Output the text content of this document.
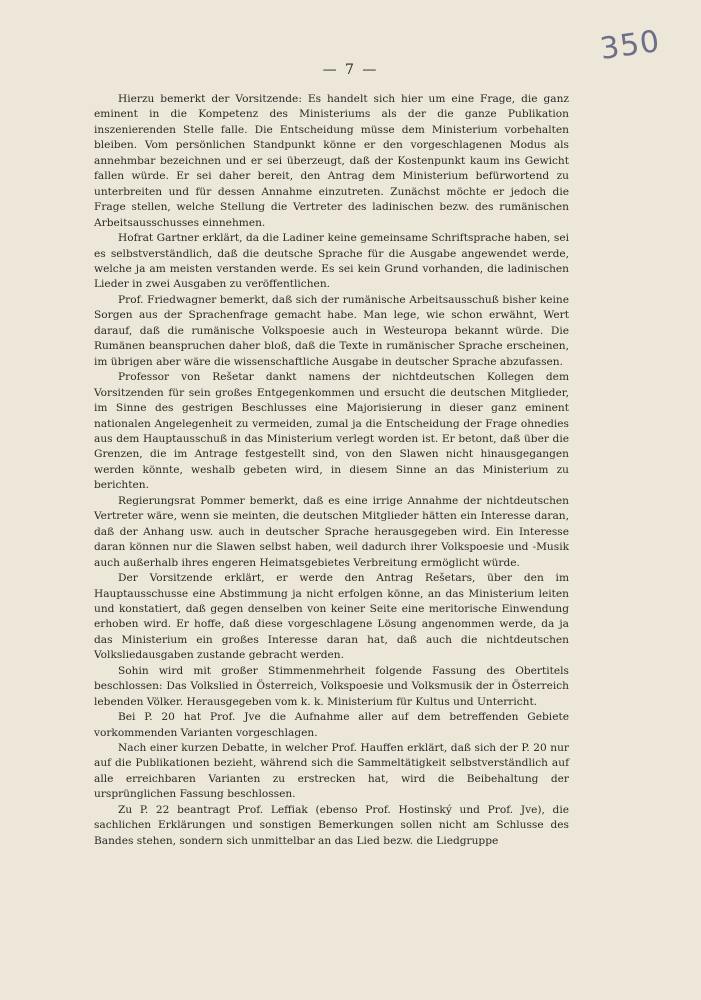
350
— 7 —

Hierzu bemerkt der Vorsitzende: Es handelt sich hier um eine Frage, die ganz eminent in die Kompetenz des Ministeriums als der die ganze Publikation inszenierenden Stelle falle. Die Entscheidung müsse dem Ministerium vorbehalten bleiben. Vom persönlichen Standpunkt könne er den vorgeschlagenen Modus als annehmbar bezeichnen und er sei überzeugt, daß der Kostenpunkt kaum ins Gewicht fallen würde. Er sei daher bereit, den Antrag dem Ministerium befürwortend zu unterbreiten und für dessen Annahme einzutreten. Zunächst möchte er jedoch die Frage stellen, welche Stellung die Vertreter des ladinischen bezw. des rumänischen Arbeitsausschusses einnehmen.

Hofrat Gartner erklärt, da die Ladiner keine gemeinsame Schriftsprache haben, sei es selbstverständlich, daß die deutsche Sprache für die Ausgabe angewendet werde, welche ja am meisten verstanden werde. Es sei kein Grund vorhanden, die ladinischen Lieder in zwei Ausgaben zu veröffentlichen.

Prof. Friedwagner bemerkt, daß sich der rumänische Arbeitsausschuß bisher keine Sorgen aus der Sprachenfrage gemacht habe. Man lege, wie schon erwähnt, Wert darauf, daß die rumänische Volkspoesie auch in Westeuropa bekannt würde. Die Rumänen beanspruchen daher bloß, daß die Texte in rumänischer Sprache erscheinen, im übrigen aber wäre die wissenschaftliche Ausgabe in deutscher Sprache abzufassen.

Professor von Rešetar dankt namens der nichtdeutschen Kollegen dem Vorsitzenden für sein großes Entgegenkommen und ersucht die deutschen Mitglieder, im Sinne des gestrigen Beschlusses eine Majorisierung in dieser ganz eminent nationalen Angelegenheit zu vermeiden, zumal ja die Entscheidung der Frage ohnedies aus dem Hauptausschuß in das Ministerium verlegt worden ist. Er betont, daß über die Grenzen, die im Antrage festgestellt sind, von den Slawen nicht hinausgegangen werden könnte, weshalb gebeten wird, in diesem Sinne an das Ministerium zu berichten.

Regierungsrat Pommer bemerkt, daß es eine irrige Annahme der nichtdeutschen Vertreter wäre, wenn sie meinten, die deutschen Mitglieder hätten ein Interesse daran, daß der Anhang usw. auch in deutscher Sprache herausgegeben wird. Ein Interesse daran können nur die Slawen selbst haben, weil dadurch ihrer Volkspoesie und -Musik auch außerhalb ihres engeren Heimatsgebietes Verbreitung ermöglicht würde.

Der Vorsitzende erklärt, er werde den Antrag Rešetars, über den im Hauptausschusse eine Abstimmung ja nicht erfolgen könne, an das Ministerium leiten und konstatiert, daß gegen denselben von keiner Seite eine meritorische Einwendung erhoben wird. Er hoffe, daß diese vorgeschlagene Lösung angenommen werde, da ja das Ministerium ein großes Interesse daran hat, daß auch die nichtdeutschen Volksliedausgaben zustande gebracht werden.

Sohin wird mit großer Stimmenmehrheit folgende Fassung des Obertitels beschlossen: Das Volkslied in Österreich, Volkspoesie und Volksmusik der in Österreich lebenden Völker. Herausgegeben vom k. k. Ministerium für Kultus und Unterricht.

Bei P. 20 hat Prof. Jve die Aufnahme aller auf dem betreffenden Gebiete vorkommenden Varianten vorgeschlagen.

Nach einer kurzen Debatte, in welcher Prof. Hauffen erklärt, daß sich der P. 20 nur auf die Publikationen bezieht, während sich die Sammeltätigkeit selbstverständlich auf alle erreichbaren Varianten zu erstrecken hat, wird die Beibehaltung der ursprünglichen Fassung beschlossen.

Zu P. 22 beantragt Prof. Leffiak (ebenso Prof. Hostinský und Prof. Jve), die sachlichen Erklärungen und sonstigen Bemerkungen sollen nicht am Schlusse des Bandes stehen, sondern sich unmittelbar an das Lied bezw. die Liedgruppe
